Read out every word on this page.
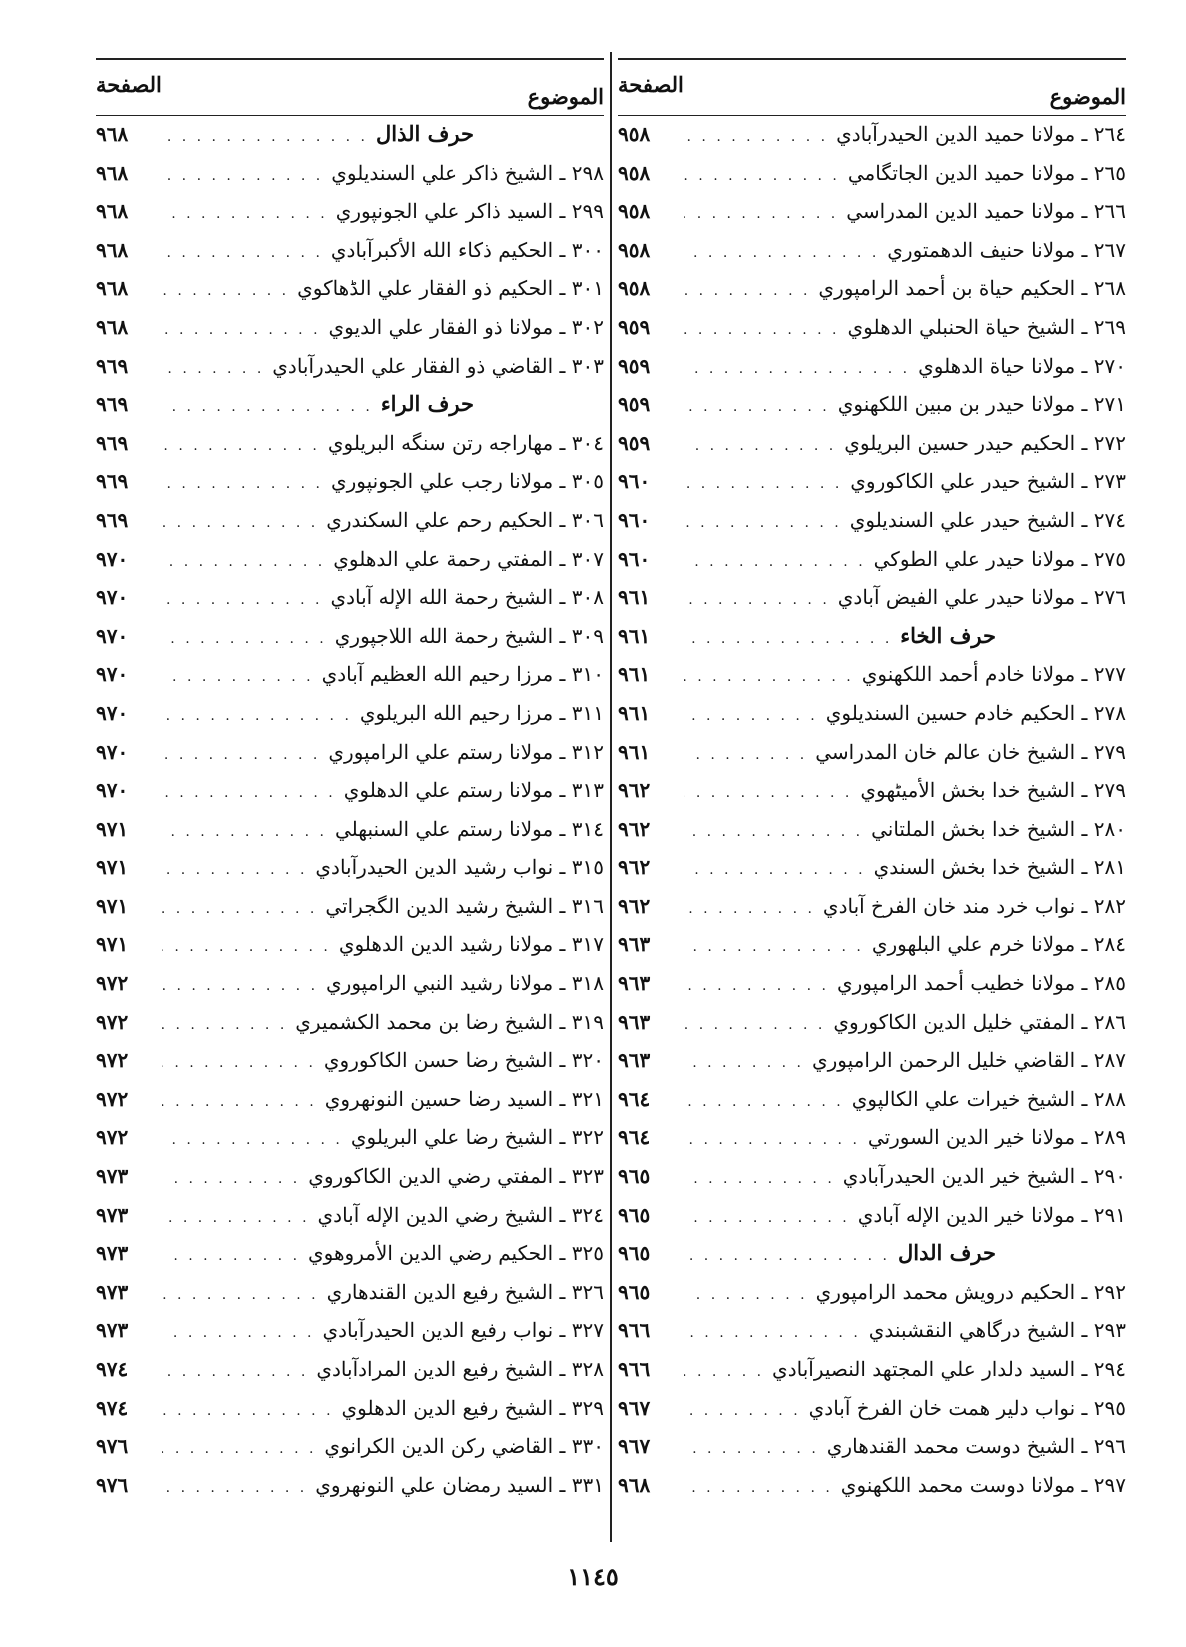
الموضوع
الصفحة
٢٦٤ ـ مولانا حميد الدين الحيدرآبادي
. . .
٩٥٨
٢٦٥ ـ مولانا حميد الدين الجاتگامي
. . .
٩٥٨
٢٦٦ ـ مولانا حميد الدين المدراسي
. . .
٩٥٨
٢٦٧ ـ مولانا حنيف الدهمتوري
. . .
٩٥٨
٢٦٨ ـ الحكيم حياة بن أحمد الرامپوري
. . .
٩٥٨
٢٦٩ ـ الشيخ حياة الحنبلي الدهلوي
. . .
٩٥٩
٢٧٠ ـ مولانا حياة الدهلوي
. . .
٩٥٩
٢٧١ ـ مولانا حيدر بن مبين اللكهنوي
. . .
٩٥٩
٢٧٢ ـ الحكيم حيدر حسين البريلوي
. . .
٩٥٩
٢٧٣ ـ الشيخ حيدر علي الكاكوروي
. . .
٩٦٠
٢٧٤ ـ الشيخ حيدر علي السنديلوي
. . .
٩٦٠
٢٧٥ ـ مولانا حيدر علي الطوكي
. . .
٩٦٠
٢٧٦ ـ مولانا حيدر علي الفيض آبادي
. . .
٩٦١
حرف الخاء
. . .
٩٦١
٢٧٧ ـ مولانا خادم أحمد اللكهنوي
. . .
٩٦١
٢٧٨ ـ الحكيم خادم حسين السنديلوي
. . .
٩٦١
٢٧٩ ـ الشيخ خان عالم خان المدراسي
. . .
٩٦١
٢٧٩ ـ الشيخ خدا بخش الأميٹهوي
. . .
٩٦٢
٢٨٠ ـ الشيخ خدا بخش الملتاني
. . .
٩٦٢
٢٨١ ـ الشيخ خدا بخش السندي
. . .
٩٦٢
٢٨٢ ـ نواب خرد مند خان الفرخ آبادي
. . .
٩٦٢
٢٨٤ ـ مولانا خرم علي البلهوري
. . .
٩٦٣
٢٨٥ ـ مولانا خطيب أحمد الرامپوري
. . .
٩٦٣
٢٨٦ ـ المفتي خليل الدين الكاكوروي
. . .
٩٦٣
٢٨٧ ـ القاضي خليل الرحمن الرامپوري
. . .
٩٦٣
٢٨٨ ـ الشيخ خيرات علي الكالپوي
. . .
٩٦٤
٢٨٩ ـ مولانا خير الدين السورتي
. . .
٩٦٤
٢٩٠ ـ الشيخ خير الدين الحيدرآبادي
. . .
٩٦٥
٢٩١ ـ مولانا خير الدين الإله آبادي
. . .
٩٦٥
حرف الدال
. . .
٩٦٥
٢٩٢ ـ الحكيم درويش محمد الرامپوري
. . .
٩٦٥
٢٩٣ ـ الشيخ درگاهي النقشبندي
. . .
٩٦٦
٢٩٤ ـ السيد دلدار علي المجتهد النصيرآبادي
. . .
٩٦٦
٢٩٥ ـ نواب دلير همت خان الفرخ آبادي
. . .
٩٦٧
٢٩٦ ـ الشيخ دوست محمد القندهاري
. . .
٩٦٧
٢٩٧ ـ مولانا دوست محمد اللكهنوي
. . .
٩٦٨
الموضوع
الصفحة
حرف الذال
. . .
٩٦٨
٢٩٨ ـ الشيخ ذاكر علي السنديلوي
. . .
٩٦٨
٢٩٩ ـ السيد ذاكر علي الجونپوري
. . .
٩٦٨
٣٠٠ ـ الحكيم ذكاء الله الأكبرآبادي
. . .
٩٦٨
٣٠١ ـ الحكيم ذو الفقار علي الڈهاكوي
. . .
٩٦٨
٣٠٢ ـ مولانا ذو الفقار علي الديوي
. . .
٩٦٨
٣٠٣ ـ القاضي ذو الفقار علي الحيدرآبادي
. . .
٩٦٩
حرف الراء
. . .
٩٦٩
٣٠٤ ـ مهاراجه رتن سنگه البريلوي
. . .
٩٦٩
٣٠٥ ـ مولانا رجب علي الجونپوري
. . .
٩٦٩
٣٠٦ ـ الحكيم رحم علي السكندري
. . .
٩٦٩
٣٠٧ ـ المفتي رحمة علي الدهلوي
. . .
٩٧٠
٣٠٨ ـ الشيخ رحمة الله الإله آبادي
. . .
٩٧٠
٣٠٩ ـ الشيخ رحمة الله اللاجپوري
. . .
٩٧٠
٣١٠ ـ مرزا رحيم الله العظيم آبادي
. . .
٩٧٠
٣١١ ـ مرزا رحيم الله البريلوي
. . .
٩٧٠
٣١٢ ـ مولانا رستم علي الرامپوري
. . .
٩٧٠
٣١٣ ـ مولانا رستم علي الدهلوي
. . .
٩٧٠
٣١٤ ـ مولانا رستم علي السنبهلي
. . .
٩٧١
٣١٥ ـ نواب رشيد الدين الحيدرآبادي
. . .
٩٧١
٣١٦ ـ الشيخ رشيد الدين الگجراتي
. . .
٩٧١
٣١٧ ـ مولانا رشيد الدين الدهلوي
. . .
٩٧١
٣١٨ ـ مولانا رشيد النبي الرامپوري
. . .
٩٧٢
٣١٩ ـ الشيخ رضا بن محمد الكشميري
. . .
٩٧٢
٣٢٠ ـ الشيخ رضا حسن الكاكوروي
. . .
٩٧٢
٣٢١ ـ السيد رضا حسين النونهروي
. . .
٩٧٢
٣٢٢ ـ الشيخ رضا علي البريلوي
. . .
٩٧٢
٣٢٣ ـ المفتي رضي الدين الكاكوروي
. . .
٩٧٣
٣٢٤ ـ الشيخ رضي الدين الإله آبادي
. . .
٩٧٣
٣٢٥ ـ الحكيم رضي الدين الأمروهوي
. . .
٩٧٣
٣٢٦ ـ الشيخ رفيع الدين القندهاري
. . .
٩٧٣
٣٢٧ ـ نواب رفيع الدين الحيدرآبادي
. . .
٩٧٣
٣٢٨ ـ الشيخ رفيع الدين المرادآبادي
. . .
٩٧٤
٣٢٩ ـ الشيخ رفيع الدين الدهلوي
. . .
٩٧٤
٣٣٠ ـ القاضي ركن الدين الكرانوي
. . .
٩٧٦
٣٣١ ـ السيد رمضان علي النونهروي
. . .
٩٧٦
١١٤٥
